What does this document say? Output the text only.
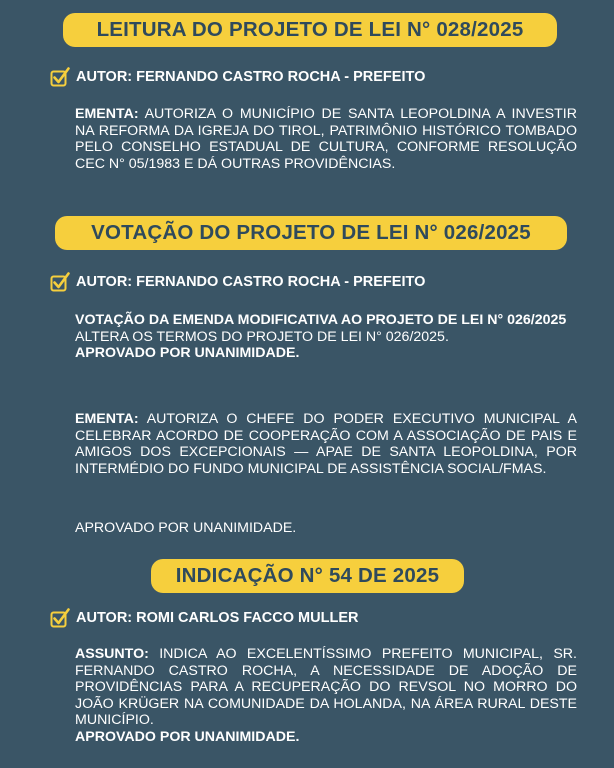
LEITURA DO PROJETO DE LEI N° 028/2025
AUTOR: FERNANDO CASTRO ROCHA - PREFEITO
EMENTA: AUTORIZA O MUNICÍPIO DE SANTA LEOPOLDINA A INVESTIR NA REFORMA DA IGREJA DO TIROL, PATRIMÔNIO HISTÓRICO TOMBADO PELO CONSELHO ESTADUAL DE CULTURA, CONFORME RESOLUÇÃO CEC N° 05/1983 E DÁ OUTRAS PROVIDÊNCIAS.
VOTAÇÃO DO PROJETO DE LEI N° 026/2025
AUTOR: FERNANDO CASTRO ROCHA - PREFEITO
VOTAÇÃO DA EMENDA MODIFICATIVA AO PROJETO DE LEI N° 026/2025
ALTERA OS TERMOS DO PROJETO DE LEI N° 026/2025.
APROVADO POR UNANIMIDADE.
EMENTA: AUTORIZA O CHEFE DO PODER EXECUTIVO MUNICIPAL A CELEBRAR ACORDO DE COOPERAÇÃO COM A ASSOCIAÇÃO DE PAIS E AMIGOS DOS EXCEPCIONAIS — APAE DE SANTA LEOPOLDINA, POR INTERMÉDIO DO FUNDO MUNICIPAL DE ASSISTÊNCIA SOCIAL/FMAS.
APROVADO POR UNANIMIDADE.
INDICAÇÃO N° 54 DE 2025
AUTOR: ROMI CARLOS FACCO MULLER
ASSUNTO: INDICA AO EXCELENTÍSSIMO PREFEITO MUNICIPAL, SR. FERNANDO CASTRO ROCHA, A NECESSIDADE DE ADOÇÃO DE PROVIDÊNCIAS PARA A RECUPERAÇÃO DO REVSOL NO MORRO DO JOÃO KRÜGER NA COMUNIDADE DA HOLANDA, NA ÁREA RURAL DESTE MUNICÍPIO.
APROVADO POR UNANIMIDADE.
